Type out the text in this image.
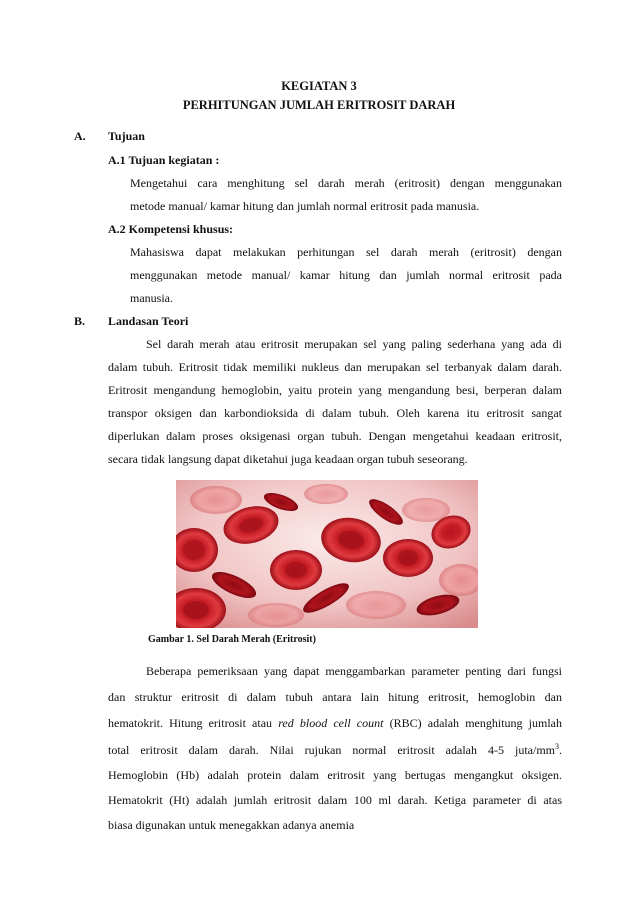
KEGIATAN 3
PERHITUNGAN JUMLAH ERITROSIT DARAH
A. Tujuan
A.1 Tujuan kegiatan :
Mengetahui cara menghitung sel darah merah (eritrosit) dengan menggunakan
metode manual/ kamar hitung dan jumlah normal eritrosit pada manusia.
A.2 Kompetensi khusus:
Mahasiswa dapat melakukan perhitungan sel darah merah (eritrosit) dengan
menggunakan metode manual/ kamar hitung dan jumlah normal eritrosit pada
manusia.
B. Landasan Teori
Sel darah merah atau eritrosit merupakan sel yang paling sederhana yang ada di
dalam tubuh. Eritrosit tidak memiliki nukleus dan merupakan sel terbanyak dalam darah.
Eritrosit mengandung hemoglobin, yaitu protein yang mengandung besi, berperan dalam
transpor oksigen dan karbondioksida di dalam tubuh. Oleh karena itu eritrosit sangat
diperlukan dalam proses oksigenasi organ tubuh. Dengan mengetahui keadaan eritrosit,
secara tidak langsung dapat diketahui juga keadaan organ tubuh seseorang.
Gambar 1. Sel Darah Merah (Eritrosit)
Beberapa pemeriksaan yang dapat menggambarkan parameter penting dari fungsi
dan struktur eritrosit di dalam tubuh antara lain hitung eritrosit, hemoglobin dan
hematokrit. Hitung eritrosit atau red blood cell count (RBC) adalah menghitung jumlah
total eritrosit dalam darah. Nilai rujukan normal eritrosit adalah 4-5 juta/$mm^3$.
Hemoglobin (Hb) adalah protein dalam eritrosit yang bertugas mengangkut oksigen.
Hematokrit (Ht) adalah jumlah eritrosit dalam 100 ml darah. Ketiga parameter di atas
biasa digunakan untuk menegakkan adanya anemia
